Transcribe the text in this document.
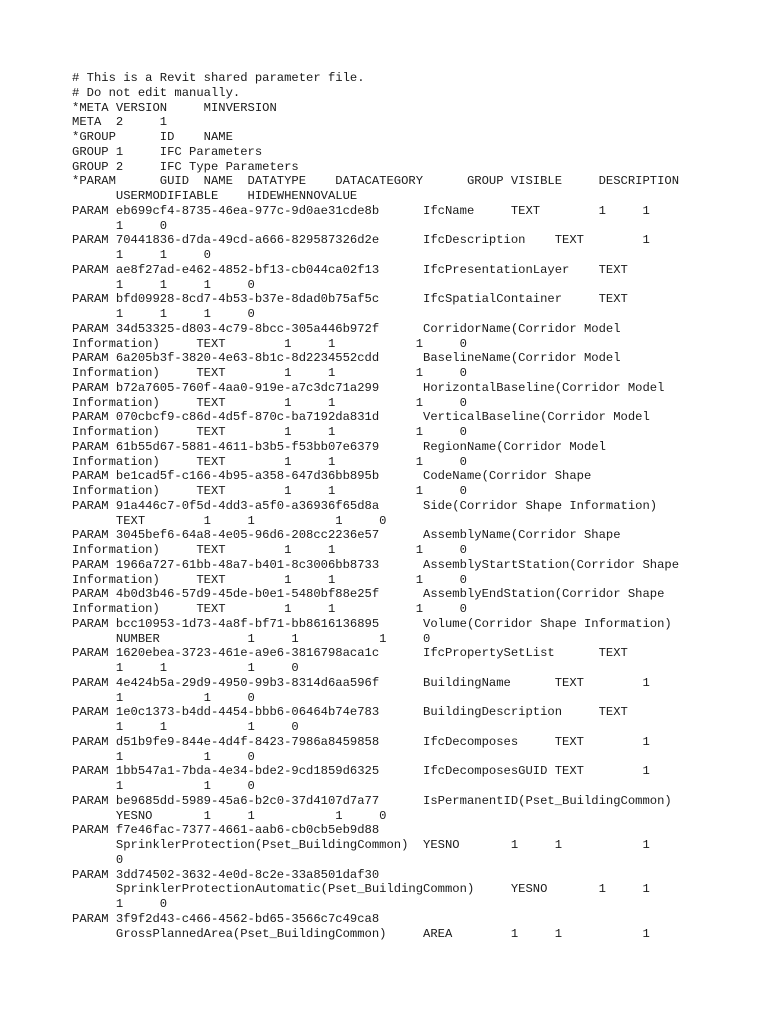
# This is a Revit shared parameter file.
# Do not edit manually.
*META VERSION     MINVERSION
META  2     1
*GROUP      ID    NAME
GROUP 1     IFC Parameters
GROUP 2     IFC Type Parameters
*PARAM      GUID  NAME  DATATYPE    DATACATEGORY      GROUP VISIBLE     DESCRIPTION
USERMODIFIABLE    HIDEWHENNOVALUE
PARAM eb699cf4-8735-46ea-977c-9d0ae31cde8b      IfcName     TEXT        1     1
1     0
PARAM 70441836-d7da-49cd-a666-829587326d2e      IfcDescription    TEXT        1
1     1     0
PARAM ae8f27ad-e462-4852-bf13-cb044ca02f13      IfcPresentationLayer    TEXT
1     1     1     0
PARAM bfd09928-8cd7-4b53-b37e-8dad0b75af5c      IfcSpatialContainer     TEXT
1     1     1     0
PARAM 34d53325-d803-4c79-8bcc-305a446b972f      CorridorName(Corridor Model
Information)     TEXT        1     1           1     0
PARAM 6a205b3f-3820-4e63-8b1c-8d2234552cdd      BaselineName(Corridor Model
Information)     TEXT        1     1           1     0
PARAM b72a7605-760f-4aa0-919e-a7c3dc71a299      HorizontalBaseline(Corridor Model
Information)     TEXT        1     1           1     0
PARAM 070cbcf9-c86d-4d5f-870c-ba7192da831d      VerticalBaseline(Corridor Model
Information)     TEXT        1     1           1     0
PARAM 61b55d67-5881-4611-b3b5-f53bb07e6379      RegionName(Corridor Model
Information)     TEXT        1     1           1     0
PARAM be1cad5f-c166-4b95-a358-647d36bb895b      CodeName(Corridor Shape
Information)     TEXT        1     1           1     0
PARAM 91a446c7-0f5d-4dd3-a5f0-a36936f65d8a      Side(Corridor Shape Information)
TEXT        1     1           1     0
PARAM 3045bef6-64a8-4e05-96d6-208cc2236e57      AssemblyName(Corridor Shape
Information)     TEXT        1     1           1     0
PARAM 1966a727-61bb-48a7-b401-8c3006bb8733      AssemblyStartStation(Corridor Shape
Information)     TEXT        1     1           1     0
PARAM 4b0d3b46-57d9-45de-b0e1-5480bf88e25f      AssemblyEndStation(Corridor Shape
Information)     TEXT        1     1           1     0
PARAM bcc10953-1d73-4a8f-bf71-bb8616136895      Volume(Corridor Shape Information)
NUMBER            1     1           1     0
PARAM 1620ebea-3723-461e-a9e6-3816798aca1c      IfcPropertySetList      TEXT
1     1           1     0
PARAM 4e424b5a-29d9-4950-99b3-8314d6aa596f      BuildingName      TEXT        1
1           1     0
PARAM 1e0c1373-b4dd-4454-bbb6-06464b74e783      BuildingDescription     TEXT
1     1           1     0
PARAM d51b9fe9-844e-4d4f-8423-7986a8459858      IfcDecomposes     TEXT        1
1           1     0
PARAM 1bb547a1-7bda-4e34-bde2-9cd1859d6325      IfcDecomposesGUID TEXT        1
1           1     0
PARAM be9685dd-5989-45a6-b2c0-37d4107d7a77      IsPermanentID(Pset_BuildingCommon)
YESNO       1     1           1     0
PARAM f7e46fac-7377-4661-aab6-cb0cb5eb9d88
SprinklerProtection(Pset_BuildingCommon)  YESNO       1     1           1
0
PARAM 3dd74502-3632-4e0d-8c2e-33a8501daf30
SprinklerProtectionAutomatic(Pset_BuildingCommon)     YESNO       1     1
1     0
PARAM 3f9f2d43-c466-4562-bd65-3566c7c49ca8
GrossPlannedArea(Pset_BuildingCommon)     AREA        1     1           1
